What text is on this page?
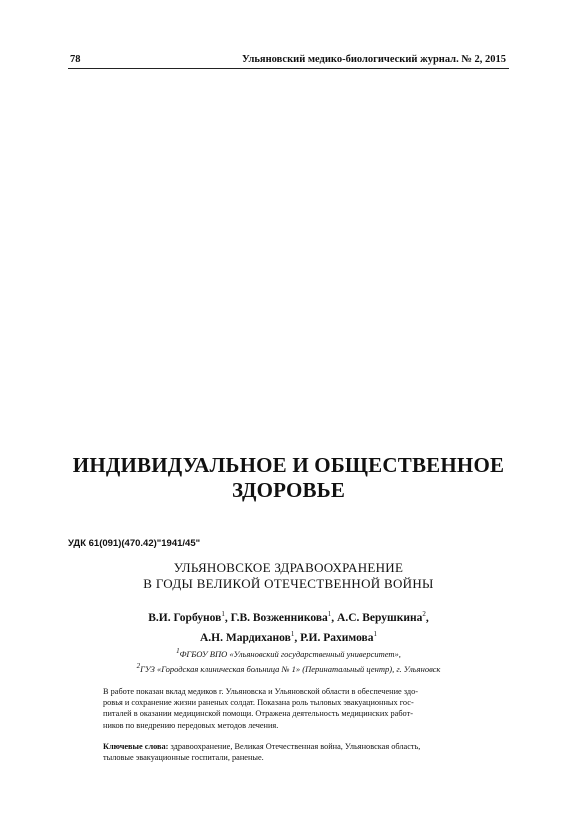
78	Ульяновский медико-биологический журнал. № 2, 2015
ИНДИВИДУАЛЬНОЕ И ОБЩЕСТВЕННОЕ
ЗДОРОВЬЕ
УДК 61(091)(470.42)"1941/45"
УЛЬЯНОВСКОЕ ЗДРАВООХРАНЕНИЕ
В ГОДЫ ВЕЛИКОЙ ОТЕЧЕСТВЕННОЙ ВОЙНЫ
В.И. Горбунов$^1$, Г.В. Возженникова$^1$, А.С. Верушкина$^2$,
А.Н. Мардиханов$^1$, Р.И. Рахимова$^1$
$^1$ФГБОУ ВПО «Ульяновский государственный университет»,
$^2$ГУЗ «Городская клиническая больница № 1» (Перинатальный центр), г. Ульяновск
В работе показан вклад медиков г. Ульяновска и Ульяновской области в обеспечение здо-
ровья и сохранение жизни раненых солдат. Показана роль тыловых эвакуационных гос-
питалей в оказании медицинской помощи. Отражена деятельность медицинских работ-
ников по внедрению передовых методов лечения.
Ключевые слова: здравоохранение, Великая Отечественная война, Ульяновская область,
тыловые эвакуационные госпитали, раненые.
